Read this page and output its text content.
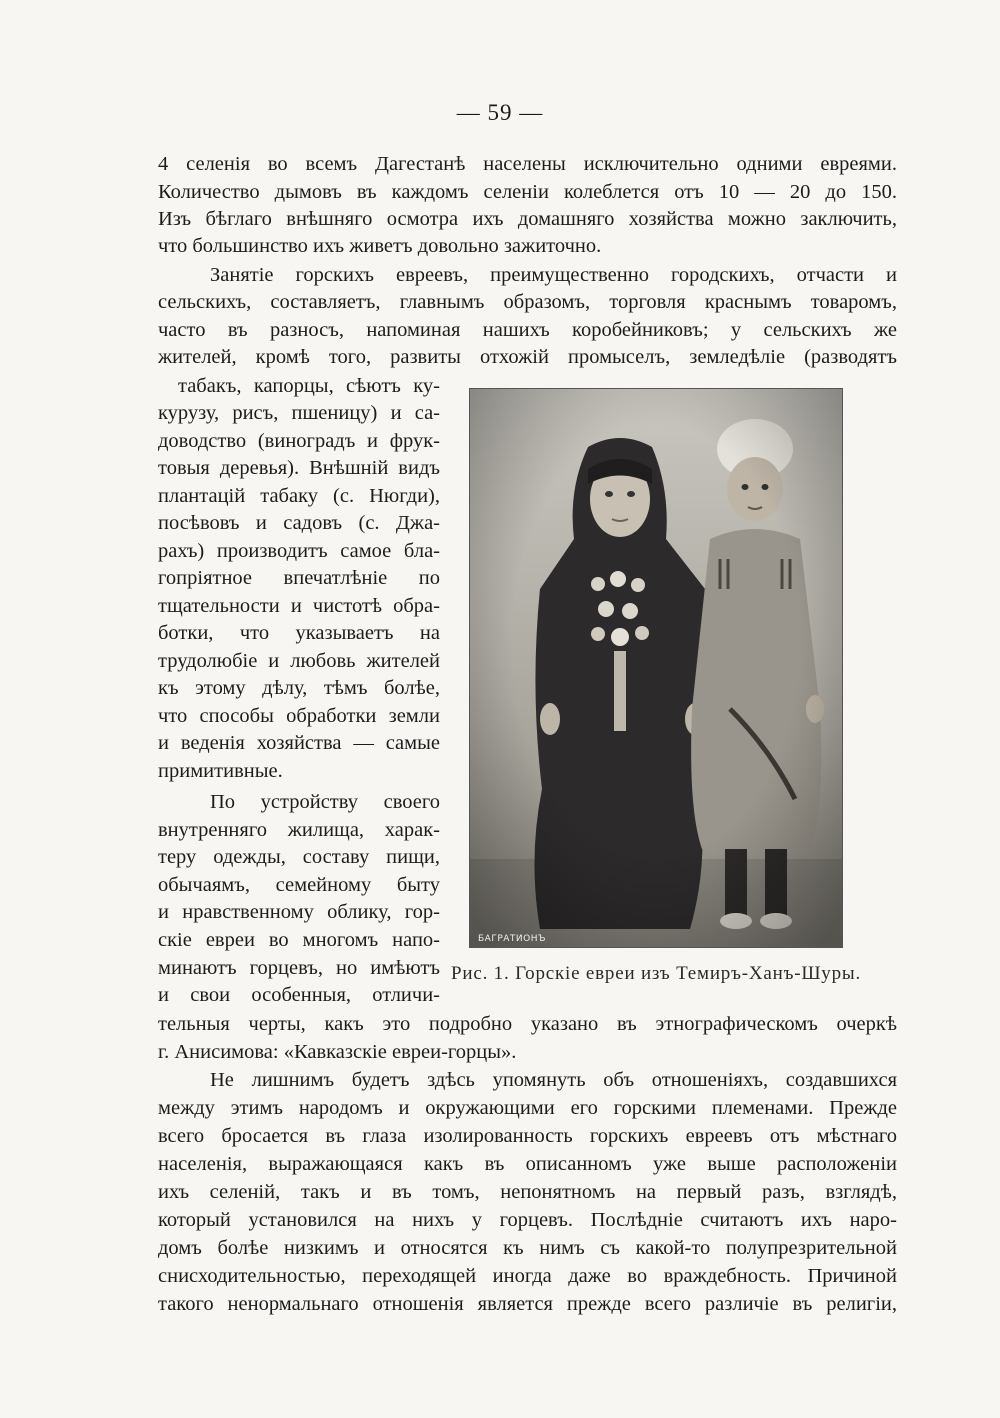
— 59 —
4 селенія во всемъ Дагестанѣ населены исключительно одними евреями.
Количество дымовъ въ каждомъ селеніи колеблется отъ 10 — 20 до 150.
Изъ бѣглаго внѣшняго осмотра ихъ домашняго хозяйства можно заключить,
что большинство ихъ живетъ довольно зажиточно.
Занятіе горскихъ евреевъ, преимущественно городскихъ, отчасти и
сельскихъ, составляетъ, главнымъ образомъ, торговля краснымъ товаромъ,
часто въ разносъ, напоминая нашихъ коробейниковъ; у сельскихъ же
жителей, кромѣ того, развиты отхожій промыселъ, земледѣліе (разводятъ
табакъ, капорцы, сѣютъ ку-
курузу, рисъ, пшеницу) и са-
доводство (виноградъ и фрук-
товыя деревья). Внѣшній видъ
плантацій табаку (с. Нюгди),
посѣвовъ и садовъ (с. Джа-
рахъ) производитъ самое бла-
гопріятное впечатлѣніе по
тщательности и чистотѣ обра-
ботки, что указываетъ на
трудолюбіе и любовь жителей
къ этому дѣлу, тѣмъ болѣе,
что способы обработки земли
и веденія хозяйства — самые
примитивные.
По устройству своего
внутренняго жилища, харак-
теру одежды, составу пищи,
обычаямъ, семейному быту
и нравственному облику, гор-
скіе евреи во многомъ напо-
минаютъ горцевъ, но имѣютъ
и свои особенныя, отличи-
тельныя черты, какъ это подробно указано въ этнографическомъ очеркѣ
г. Анисимова: «Кавказскіе евреи-горцы».
Не лишнимъ будетъ здѣсь упомянуть объ отношеніяхъ, создавшихся
между этимъ народомъ и окружающими его горскими племенами. Прежде
всего бросается въ глаза изолированность горскихъ евреевъ отъ мѣстнаго
населенія, выражающаяся какъ въ описанномъ уже выше расположеніи
ихъ селеній, такъ и въ томъ, непонятномъ на первый разъ, взглядѣ,
который установился на нихъ у горцевъ. Послѣдніе считаютъ ихъ наро-
домъ болѣе низкимъ и относятся къ нимъ съ какой-то полупрезрительной
снисходительностью, переходящей иногда даже во враждебность. Причиной
такого ненормальнаго отношенія является прежде всего различіе въ религіи,
БАГРАТИОНЪ
Рис. 1. Горскіе евреи изъ Темиръ-Ханъ-Шуры.
